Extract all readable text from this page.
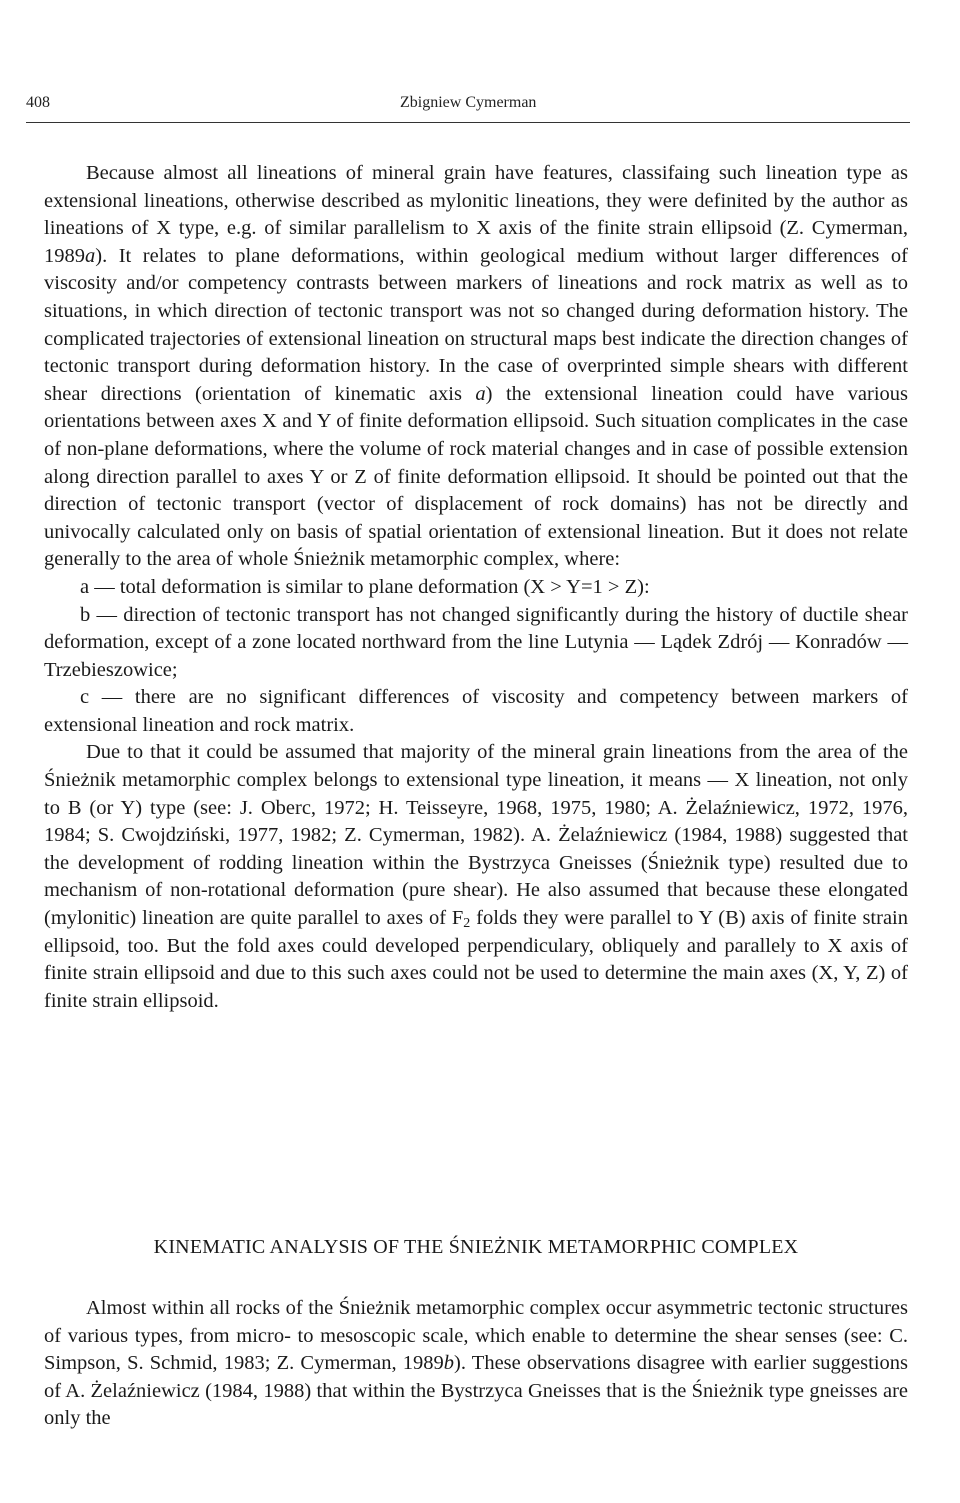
408	Zbigniew Cymerman

Because almost all lineations of mineral grain have features, classifaing such lineation type as extensional lineations, otherwise described as mylonitic lineations, they were definited by the author as lineations of X type, e.g. of similar parallelism to X axis of the finite strain ellipsoid (Z. Cymerman, 1989a). It relates to plane deformations, within geological medium without larger differences of viscosity and/or competency contrasts between markers of lineations and rock matrix as well as to situations, in which direction of tectonic transport was not so changed during deformation history. The complicated trajectories of extensional lineation on structural maps best indicate the direction changes of tectonic transport during deformation history. In the case of overprinted simple shears with different shear directions (orientation of kinematic axis a) the extensional lineation could have various orientations between axes X and Y of finite deformation ellipsoid. Such situation complicates in the case of non-plane deformations, where the volume of rock material changes and in case of possible extension along direction parallel to axes Y or Z of finite deformation ellipsoid. It should be pointed out that the direction of tectonic transport (vector of displacement of rock domains) has not be directly and univocally calculated only on basis of spatial orientation of extensional lineation. But it does not relate generally to the area of whole Śnieżnik metamorphic complex, where:

a — total deformation is similar to plane deformation (X > Y=1 > Z):

b — direction of tectonic transport has not changed significantly during the history of ductile shear deformation, except of a zone located northward from the line Lutynia — Lądek Zdrój — Konradów — Trzebieszowice;

c — there are no significant differences of viscosity and competency between markers of extensional lineation and rock matrix.

Due to that it could be assumed that majority of the mineral grain lineations from the area of the Śnieżnik metamorphic complex belongs to extensional type lineation, it means — X lineation, not only to B (or Y) type (see: J. Oberc, 1972; H. Teisseyre, 1968, 1975, 1980; A. Żelaźniewicz, 1972, 1976, 1984; S. Cwojdziński, 1977, 1982; Z. Cymerman, 1982). A. Żelaźniewicz (1984, 1988) suggested that the development of rodding lineation within the Bystrzyca Gneisses (Śnieżnik type) resulted due to mechanism of non-rotational deformation (pure shear). He also assumed that because these elongated (mylonitic) lineation are quite parallel to axes of $F_2$ folds they were parallel to Y (B) axis of finite strain ellipsoid, too. But the fold axes could developed perpendiculary, obliquely and parallely to X axis of finite strain ellipsoid and due to this such axes could not be used to determine the main axes (X, Y, Z) of finite strain ellipsoid.

KINEMATIC ANALYSIS OF THE ŚNIEŻNIK METAMORPHIC COMPLEX

Almost within all rocks of the Śnieżnik metamorphic complex occur asymmetric tectonic structures of various types, from micro- to mesoscopic scale, which enable to determine the shear senses (see: C. Simpson, S. Schmid, 1983; Z. Cymerman, 1989b). These observations disagree with earlier suggestions of A. Żelaźniewicz (1984, 1988) that within the Bystrzyca Gneisses that is the Śnieżnik type gneisses are only the
